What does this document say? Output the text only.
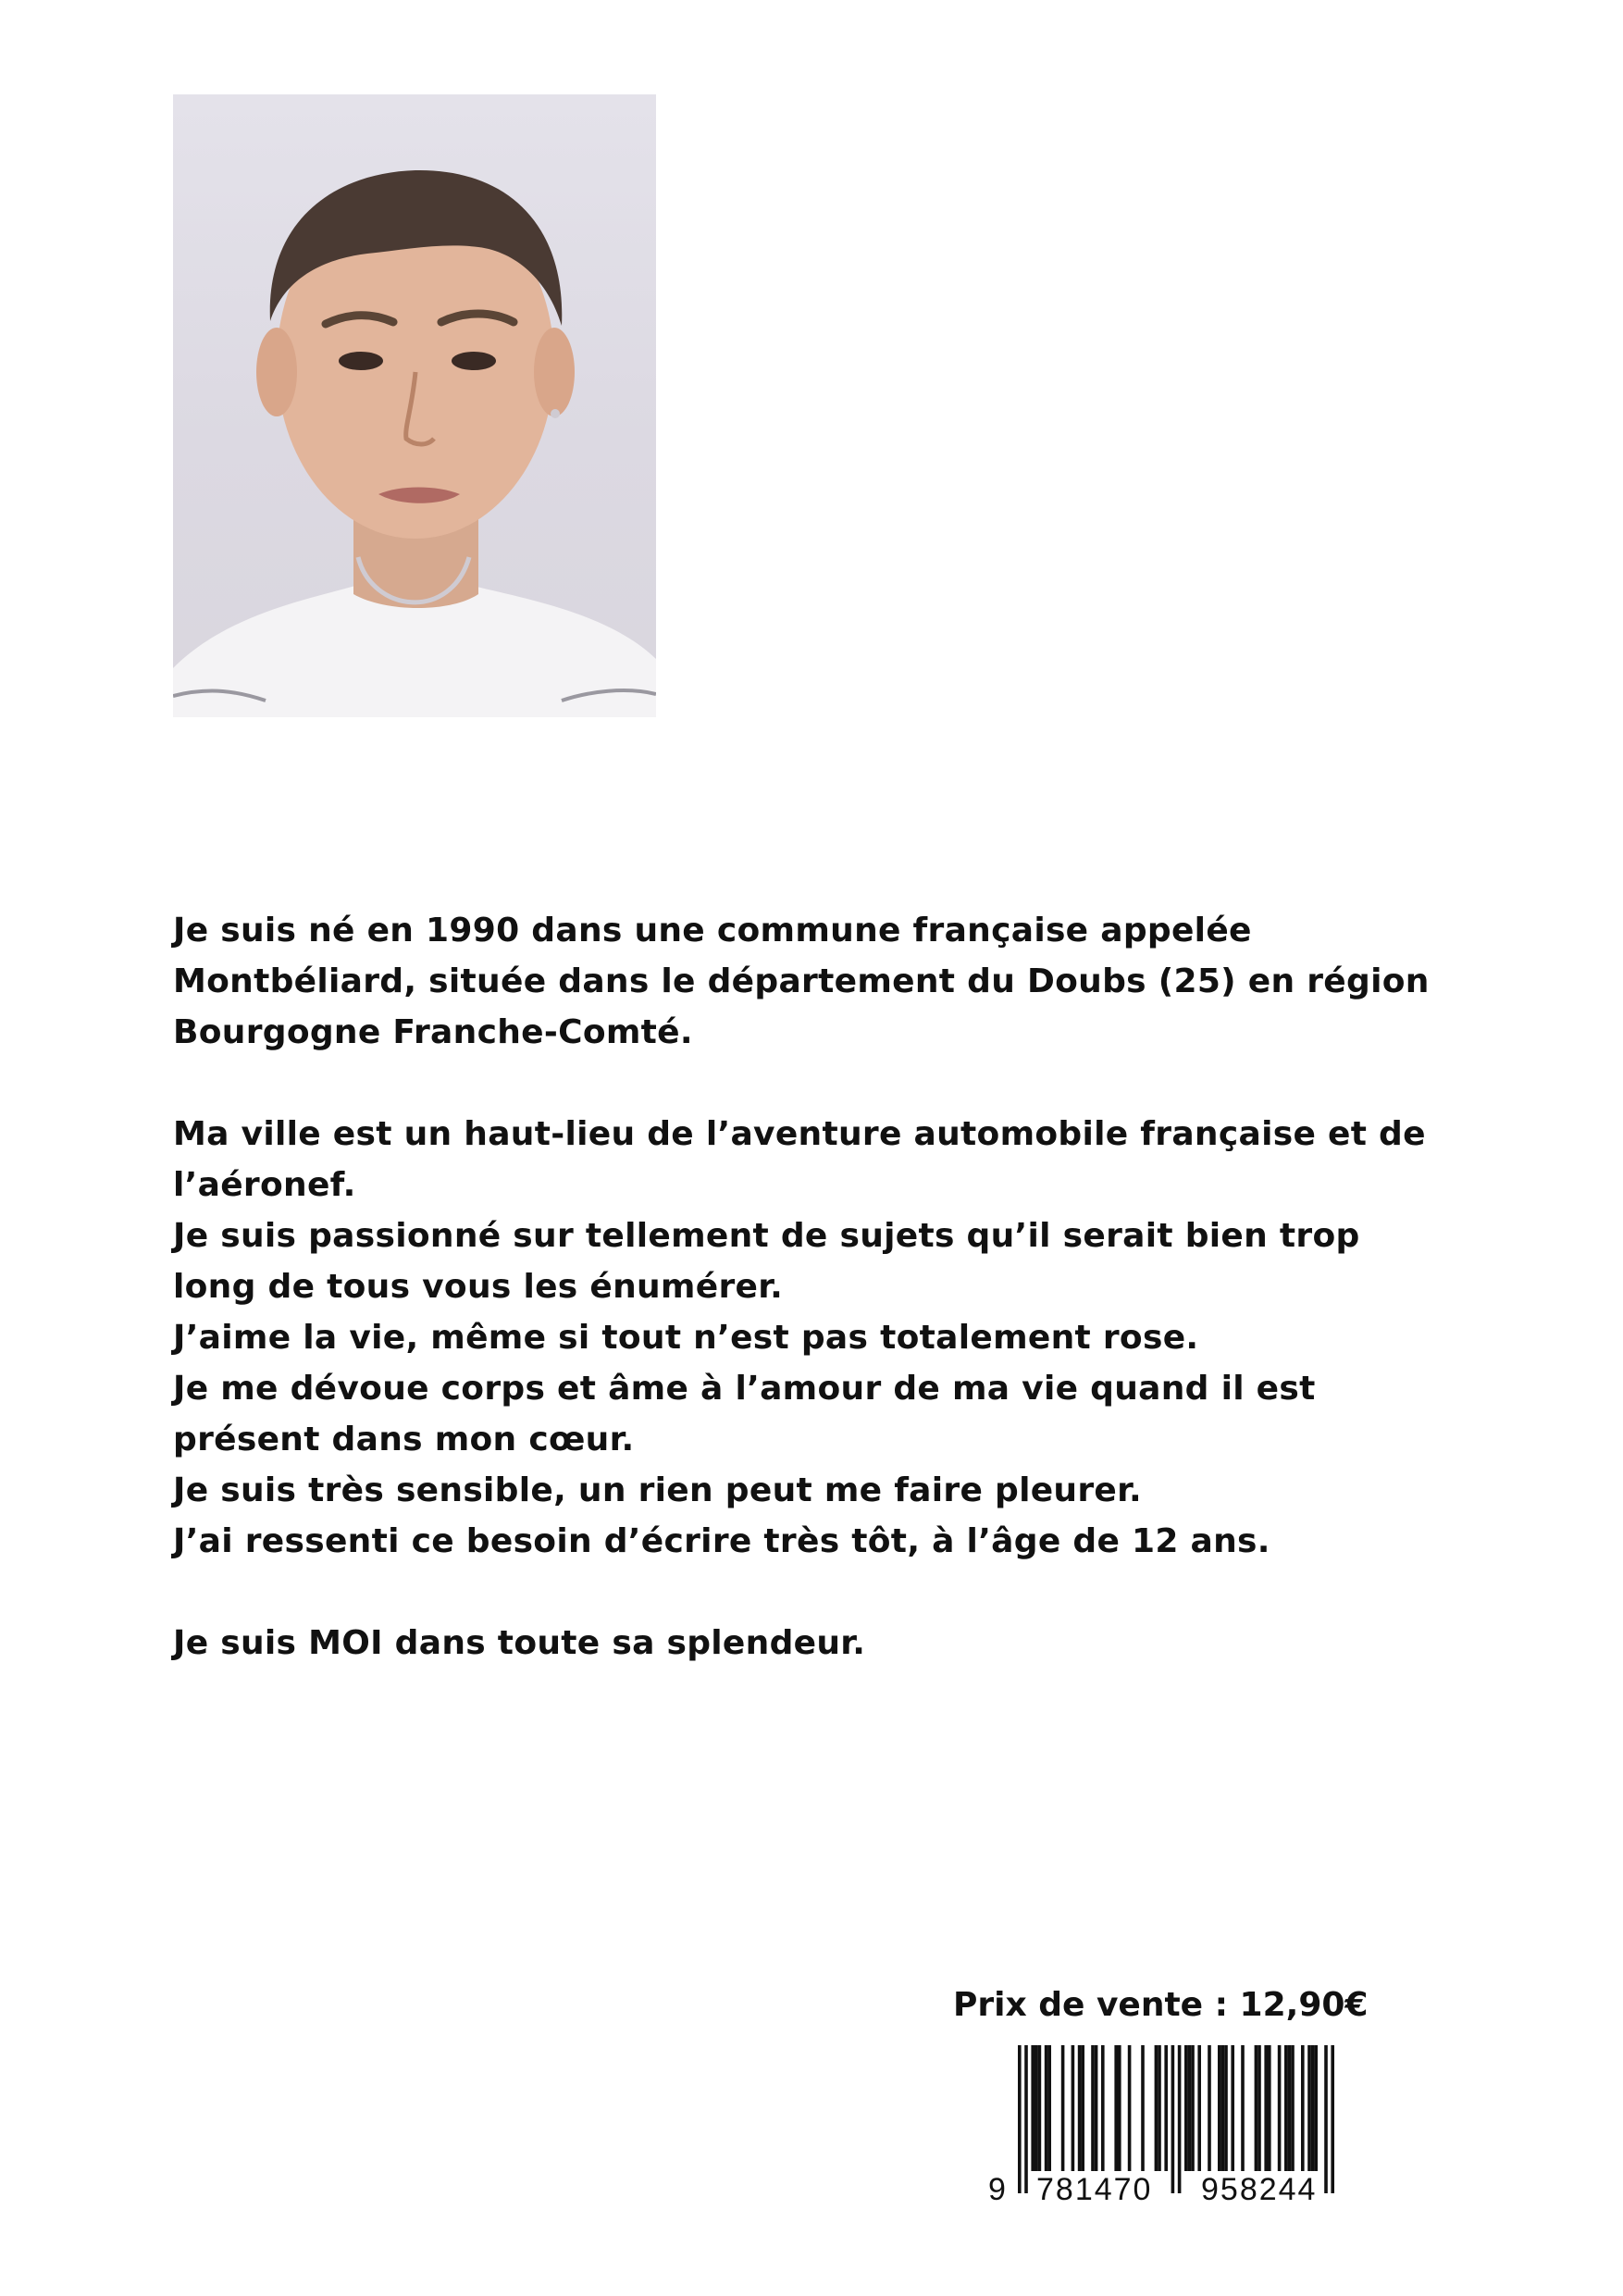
Je suis né en 1990 dans une commune française appelée Montbéliard, située dans le département du Doubs (25) en région Bourgogne Franche-Comté.

Ma ville est un haut-lieu de l’aventure automobile française et de l’aéronef.

Je suis passionné sur tellement de sujets qu’il serait bien trop long de tous vous les énumérer.

J’aime la vie, même si tout n’est pas totalement rose.

Je me dévoue corps et âme à l’amour de ma vie quand il est présent dans mon cœur.

Je suis très sensible, un rien peut me faire pleurer.

J’ai ressenti ce besoin d’écrire très tôt, à l’âge de 12 ans.

Je suis MOI dans toute sa splendeur.

Prix de vente : 12,90€
9 781470 958244
